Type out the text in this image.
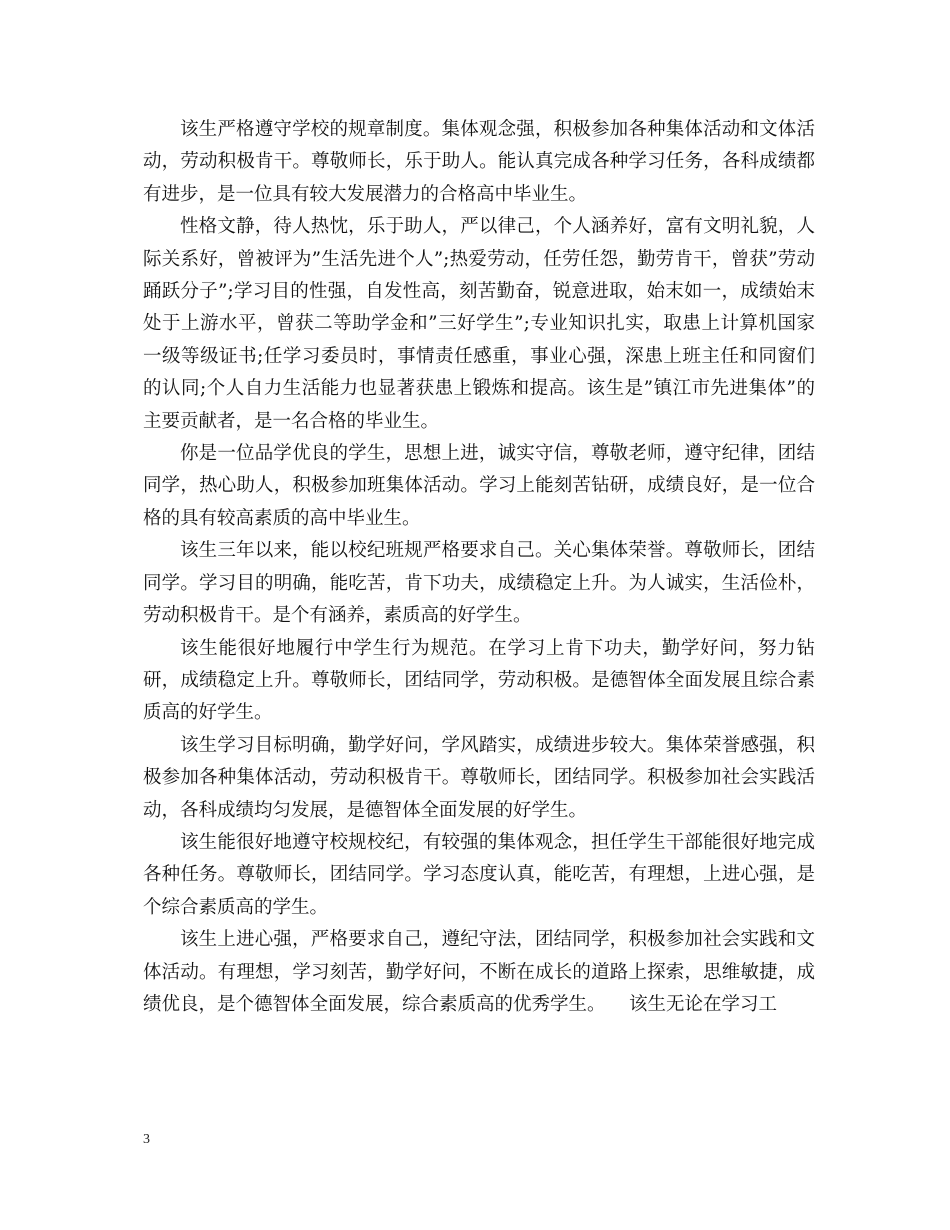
该生严格遵守学校的规章制度。集体观念强，积极参加各种集体活动和文体活动，劳动积极肯干。尊敬师长，乐于助人。能认真完成各种学习任务，各科成绩都有进步，是一位具有较大发展潜力的合格高中毕业生。

性格文静，待人热忱，乐于助人，严以律己，个人涵养好，富有文明礼貌，人际关系好，曾被评为”生活先进个人”;热爱劳动，任劳任怨，勤劳肯干，曾获”劳动踊跃分子”;学习目的性强，自发性高，刻苦勤奋，锐意进取，始末如一，成绩始末处于上游水平，曾获二等助学金和”三好学生”;专业知识扎实，取患上计算机国家一级等级证书;任学习委员时，事情责任感重，事业心强，深患上班主任和同窗们的认同;个人自力生活能力也显著获患上锻炼和提高。该生是”镇江市先进集体”的主要贡献者，是一名合格的毕业生。

你是一位品学优良的学生，思想上进，诚实守信，尊敬老师，遵守纪律，团结同学，热心助人，积极参加班集体活动。学习上能刻苦钻研，成绩良好，是一位合格的具有较高素质的高中毕业生。

该生三年以来，能以校纪班规严格要求自己。关心集体荣誉。尊敬师长，团结同学。学习目的明确，能吃苦，肯下功夫，成绩稳定上升。为人诚实，生活俭朴，劳动积极肯干。是个有涵养，素质高的好学生。

该生能很好地履行中学生行为规范。在学习上肯下功夫，勤学好问，努力钻研，成绩稳定上升。尊敬师长，团结同学，劳动积极。是德智体全面发展且综合素质高的好学生。

该生学习目标明确，勤学好问，学风踏实，成绩进步较大。集体荣誉感强，积极参加各种集体活动，劳动积极肯干。尊敬师长，团结同学。积极参加社会实践活动，各科成绩均匀发展，是德智体全面发展的好学生。

该生能很好地遵守校规校纪，有较强的集体观念，担任学生干部能很好地完成各种任务。尊敬师长，团结同学。学习态度认真，能吃苦，有理想，上进心强，是个综合素质高的学生。

该生上进心强，严格要求自己，遵纪守法，团结同学，积极参加社会实践和文体活动。有理想，学习刻苦，勤学好问，不断在成长的道路上探索，思维敏捷，成绩优良，是个德智体全面发展，综合素质高的优秀学生。    该生无论在学习工

3
